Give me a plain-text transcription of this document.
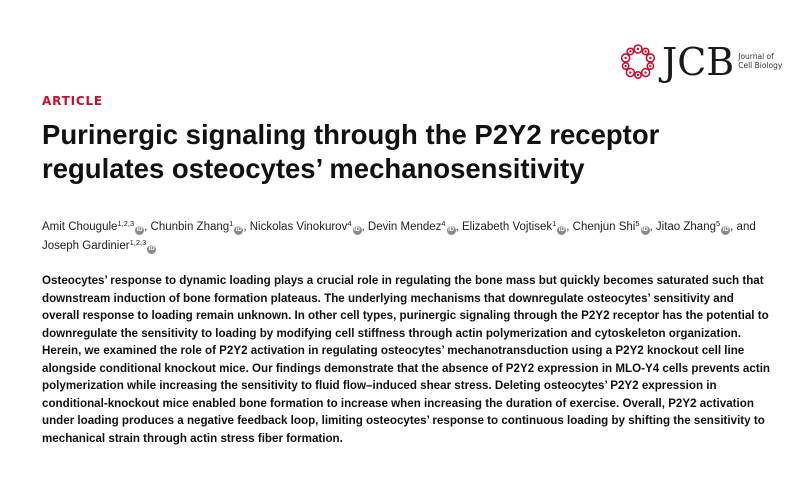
JCB Journal of
Cell Biology
ARTICLE
Purinergic signaling through the P2Y2 receptor regulates osteocytes’ mechanosensitivity
Amit Chougule$^{1,2,3}$iD , Chunbin Zhang$^1$iD , Nickolas Vinokurov$^4$iD , Devin Mendez$^4$iD , Elizabeth Vojtisek$^1$iD , Chenjun Shi$^5$iD , Jitao Zhang$^5$iD , and Joseph Gardinier$^{1,2,3}$iD

Osteocytes’ response to dynamic loading plays a crucial role in regulating the bone mass but quickly becomes saturated such that downstream induction of bone formation plateaus. The underlying mechanisms that downregulate osteocytes’ sensitivity and overall response to loading remain unknown. In other cell types, purinergic signaling through the P2Y2 receptor has the potential to downregulate the sensitivity to loading by modifying cell stiffness through actin polymerization and cytoskeleton organization. Herein, we examined the role of P2Y2 activation in regulating osteocytes’ mechanotransduction using a P2Y2 knockout cell line alongside conditional knockout mice. Our findings demonstrate that the absence of P2Y2 expression in MLO-Y4 cells prevents actin polymerization while increasing the sensitivity to fluid flow–induced shear stress. Deleting osteocytes’ P2Y2 expression in conditional-knockout mice enabled bone formation to increase when increasing the duration of exercise. Overall, P2Y2 activation under loading produces a negative feedback loop, limiting osteocytes’ response to continuous loading by shifting the sensitivity to mechanical strain through actin stress fiber formation.
